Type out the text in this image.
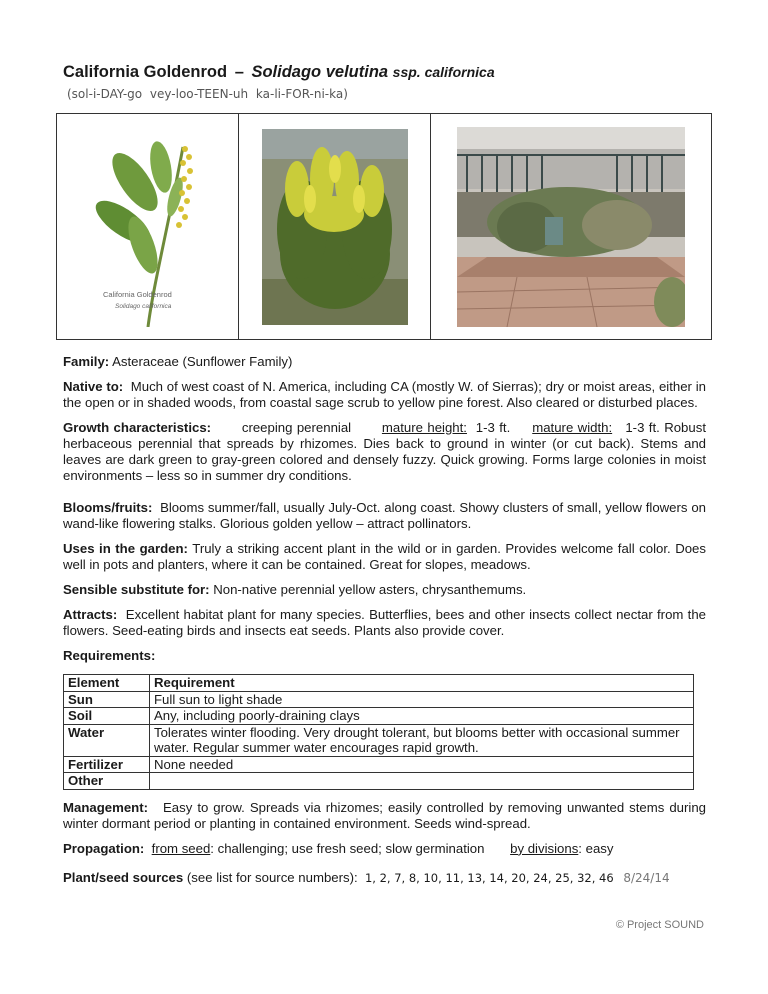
California Goldenrod – Solidago velutina ssp. californica
(sol-i-DAY-go vey-loo-TEEN-uh ka-li-FOR-ni-ka)
California Goldenrod
Solidago californica
Family: Asteraceae (Sunflower Family)
Native to: Much of west coast of N. America, including CA (mostly W. of Sierras); dry or moist areas, either in the open or in shaded woods, from coastal sage scrub to yellow pine forest. Also cleared or disturbed places.
Growth characteristics: creeping perennial mature height: 1-3 ft. mature width: 1-3 ft. Robust herbaceous perennial that spreads by rhizomes. Dies back to ground in winter (or cut back). Stems and leaves are dark green to gray-green colored and densely fuzzy. Quick growing. Forms large colonies in moist environments – less so in summer dry conditions.
Blooms/fruits: Blooms summer/fall, usually July-Oct. along coast. Showy clusters of small, yellow flowers on wand-like flowering stalks. Glorious golden yellow – attract pollinators.
Uses in the garden: Truly a striking accent plant in the wild or in garden. Provides welcome fall color. Does well in pots and planters, where it can be contained. Great for slopes, meadows.
Sensible substitute for: Non-native perennial yellow asters, chrysanthemums.
Attracts: Excellent habitat plant for many species. Butterflies, bees and other insects collect nectar from the flowers. Seed-eating birds and insects eat seeds. Plants also provide cover.
Requirements:
Element	Requirement
Sun	Full sun to light shade
Soil	Any, including poorly-draining clays
Water	Tolerates winter flooding. Very drought tolerant, but blooms better with occasional summer water. Regular summer water encourages rapid growth.
Fertilizer	None needed
Other	
Management: Easy to grow. Spreads via rhizomes; easily controlled by removing unwanted stems during winter dormant period or planting in contained environment. Seeds wind-spread.
Propagation: from seed: challenging; use fresh seed; slow germination by divisions: easy
Plant/seed sources (see list for source numbers): 1, 2, 7, 8, 10, 11, 13, 14, 20, 24, 25, 32, 46 8/24/14
© Project SOUND
